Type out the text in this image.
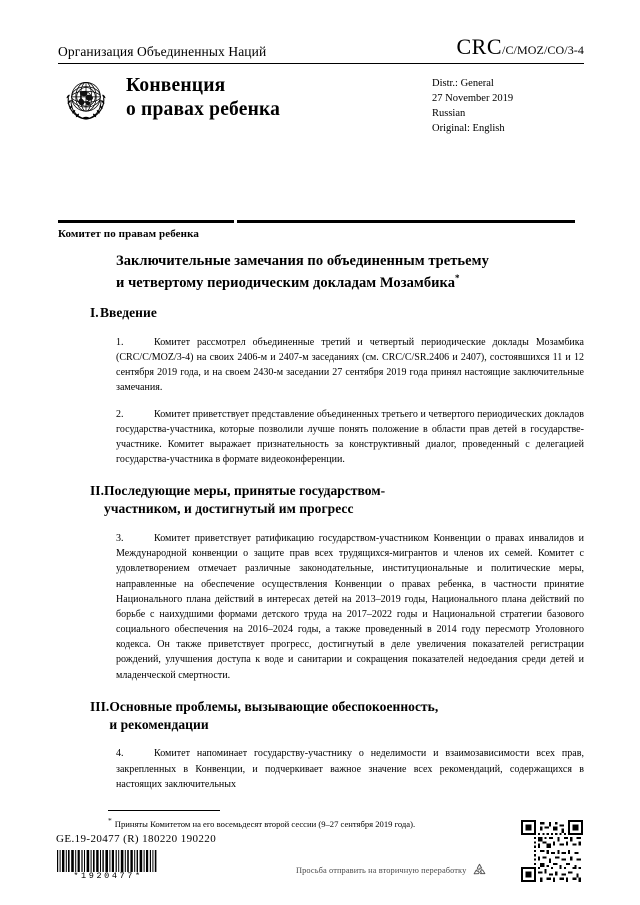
Организация Объединенных Наций	CRC /C/MOZ/CO/3-4
Конвенция
о правах ребенка
Distr.: General
27 November 2019
Russian
Original: English
Комитет по правам ребенка
Заключительные замечания по объединенным третьему
и четвертому периодическим докладам Мозамбика*
I. Введение

1.	Комитет рассмотрел объединенные третий и четвертый периодические доклады Мозамбика (CRC/C/MOZ/3-4) на своих 2406-м и 2407-м заседаниях (см. CRC/C/SR.2406 и 2407), состоявшихся 11 и 12 сентября 2019 года, и на своем 2430-м заседании 27 сентября 2019 года принял настоящие заключительные замечания.

2.	Комитет приветствует представление объединенных третьего и четвертого периодических докладов государства-участника, которые позволили лучше понять положение в области прав детей в государстве-участнике. Комитет выражает признательность за конструктивный диалог, проведенный с делегацией государства-участника в формате видеоконференции.

II. Последующие меры, принятые государством-
участником, и достигнутый им прогресс

3.	Комитет приветствует ратификацию государством-участником Конвенции о правах инвалидов и Международной конвенции о защите прав всех трудящихся-мигрантов и членов их семей. Комитет с удовлетворением отмечает различные законодательные, институциональные и политические меры, направленные на обеспечение осуществления Конвенции о правах ребенка, в частности принятие Национального плана действий в интересах детей на 2013–2019 годы, Национального плана действий по борьбе с наихудшими формами детского труда на 2017–2022 годы и Национальной стратегии базового социального обеспечения на 2016–2024 годы, а также проведенный в 2014 году пересмотр Уголовного кодекса. Он также приветствует прогресс, достигнутый в деле увеличения показателей регистрации рождений, улучшения доступа к воде и санитарии и сокращения показателей недоедания среди детей и младенческой смертности.

III. Основные проблемы, вызывающие обеспокоенность,
и рекомендации

4.	Комитет напоминает государству-участнику о неделимости и взаимозависимости всех прав, закрепленных в Конвенции, и подчеркивает важное значение всех рекомендаций, содержащихся в настоящих заключительных

* Приняты Комитетом на его восемьдесят второй сессии (9–27 сентября 2019 года).
GE.19-20477 (R) 180220 190220
*1920477*
Просьба отправить на вторичную переработку
